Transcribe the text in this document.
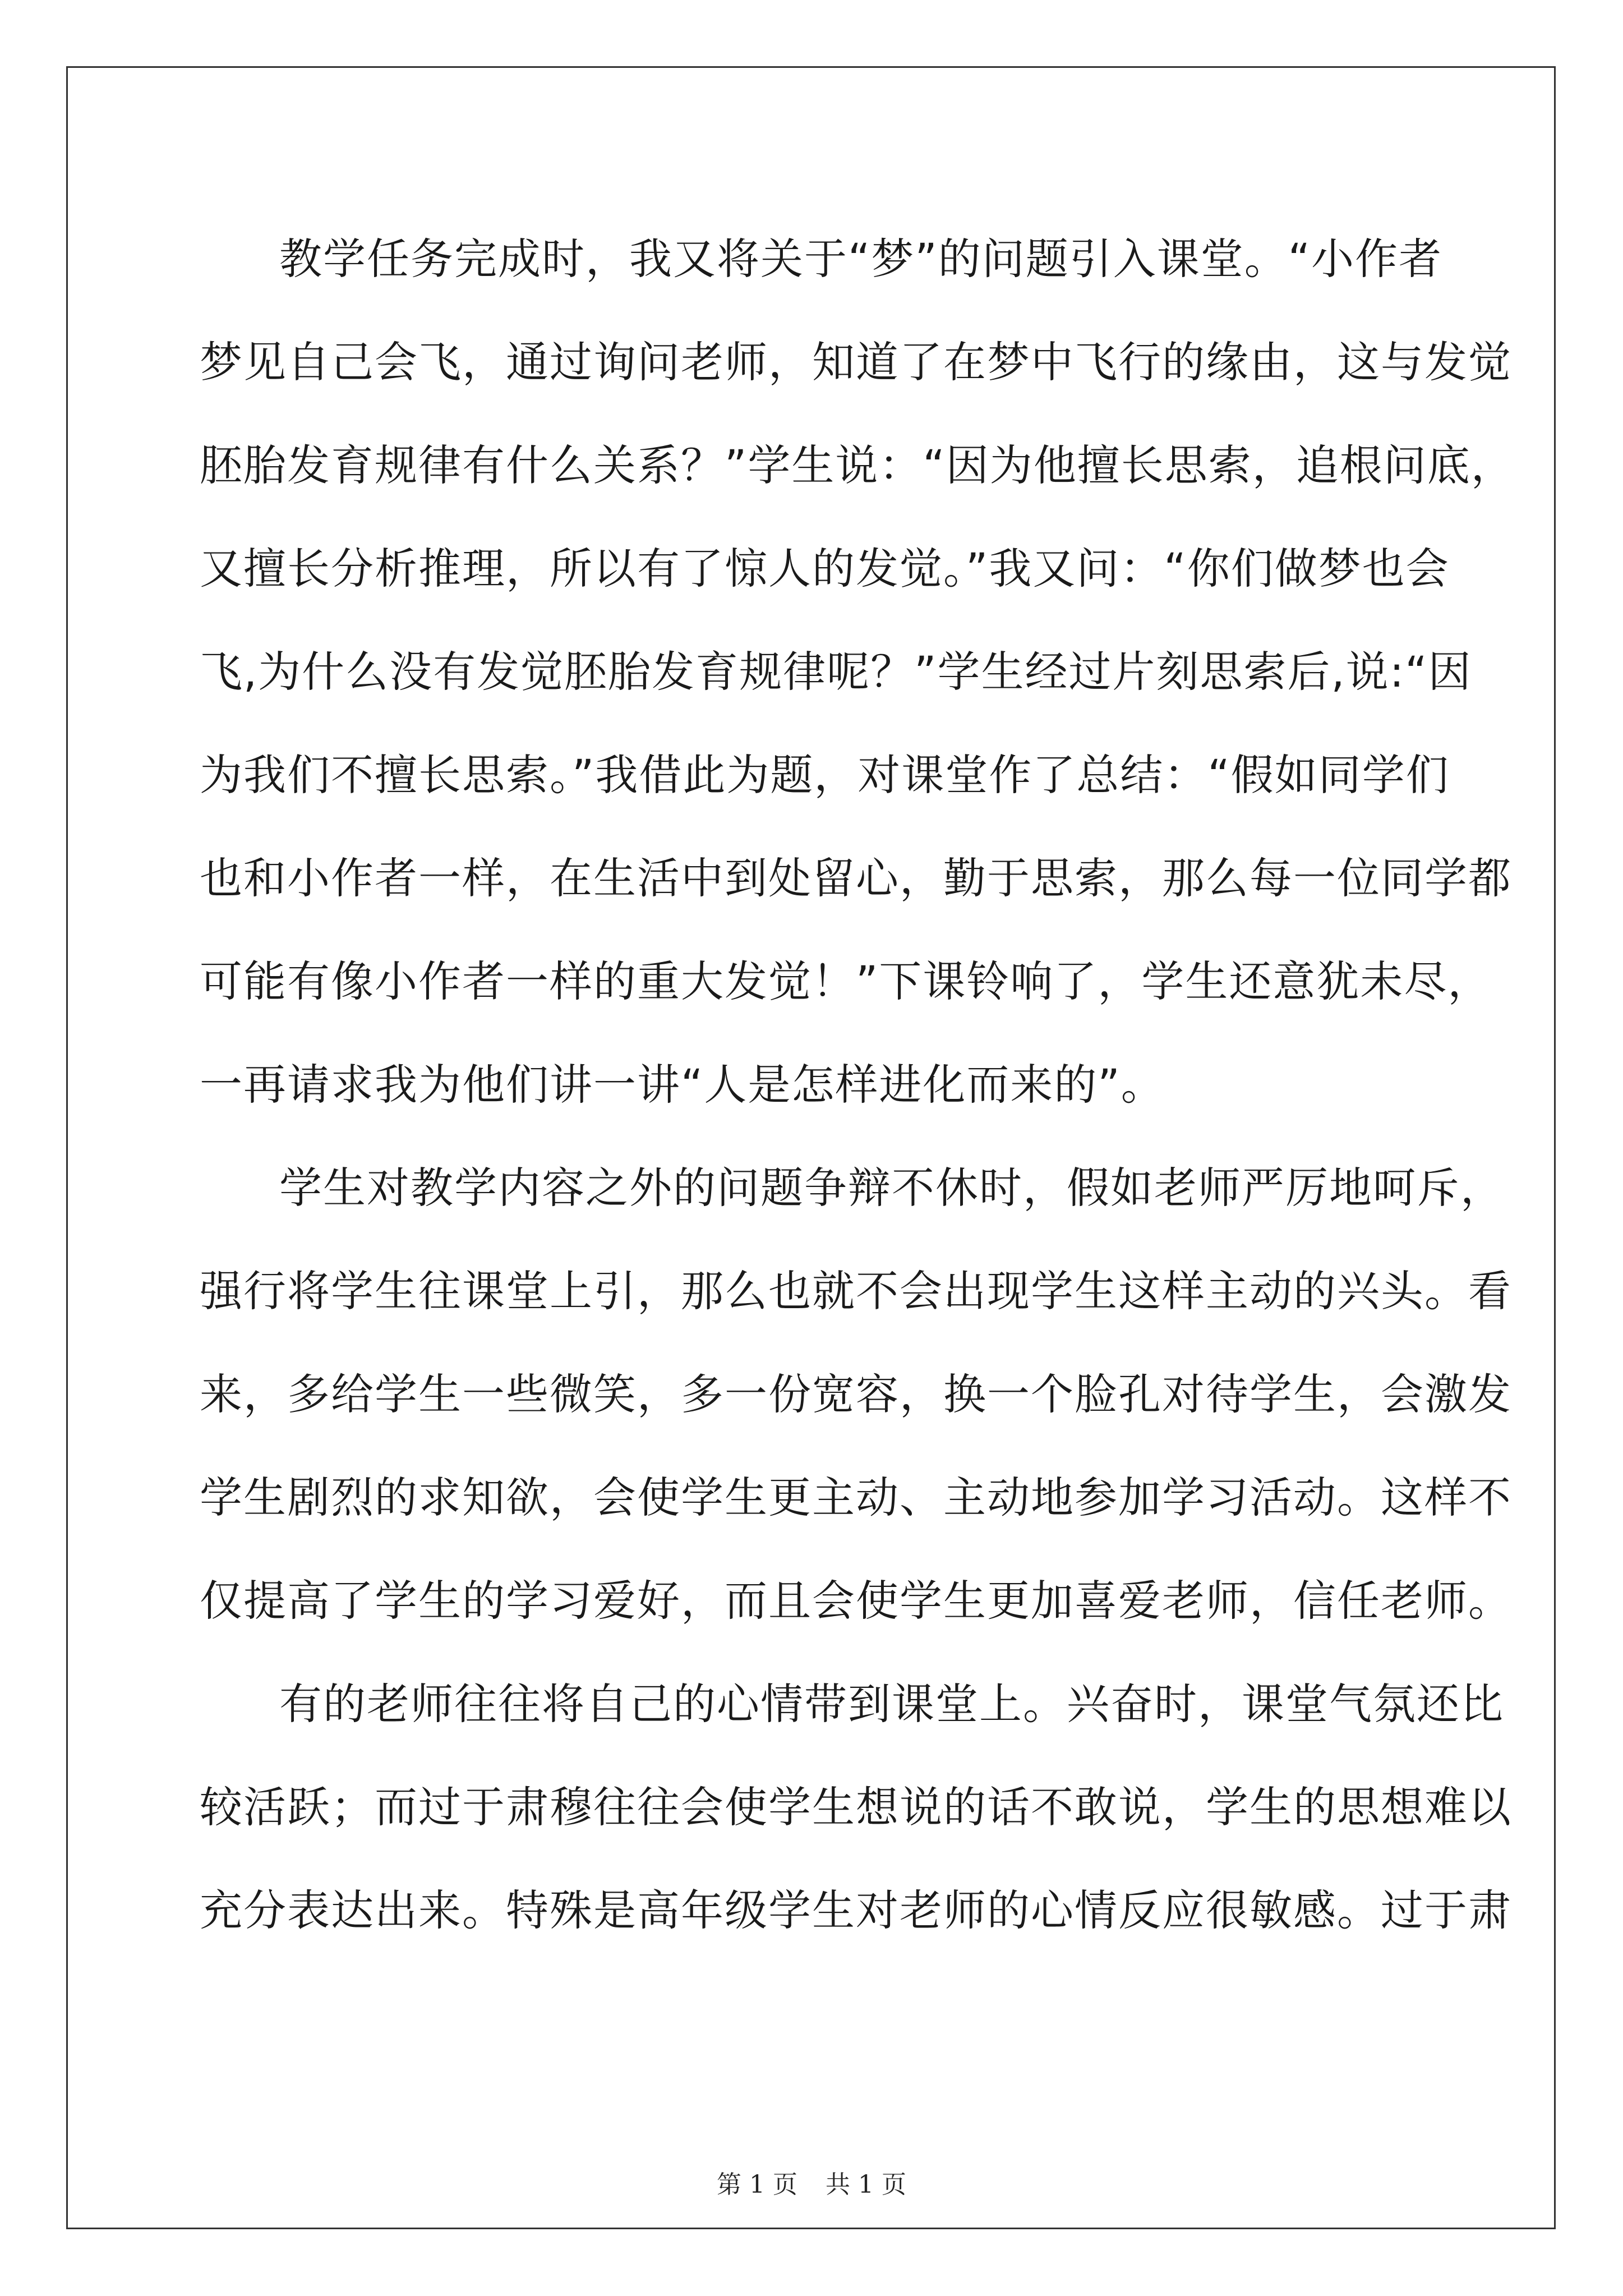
教学任务完成时，我又将关于“梦”的问题引入课堂。“小作者
梦见自己会飞，通过询问老师，知道了在梦中飞行的缘由，这与发觉
胚胎发育规律有什么关系？”学生说：“因为他擅长思索，追根问底，
又擅长分析推理，所以有了惊人的发觉。”我又问：“你们做梦也会
飞,为什么没有发觉胚胎发育规律呢？”学生经过片刻思索后,说:“因
为我们不擅长思索。”我借此为题，对课堂作了总结：“假如同学们
也和小作者一样，在生活中到处留心，勤于思索，那么每一位同学都
可能有像小作者一样的重大发觉！”下课铃响了，学生还意犹未尽，
一再请求我为他们讲一讲“人是怎样进化而来的”。
学生对教学内容之外的问题争辩不休时，假如老师严厉地呵斥，
强行将学生往课堂上引，那么也就不会出现学生这样主动的兴头。看
来，多给学生一些微笑，多一份宽容，换一个脸孔对待学生，会激发
学生剧烈的求知欲，会使学生更主动、主动地参加学习活动。这样不
仅提高了学生的学习爱好，而且会使学生更加喜爱老师，信任老师。
有的老师往往将自己的心情带到课堂上。兴奋时，课堂气氛还比
较活跃；而过于肃穆往往会使学生想说的话不敢说，学生的思想难以
充分表达出来。特殊是高年级学生对老师的心情反应很敏感。过于肃
第 1 页 共 1 页
